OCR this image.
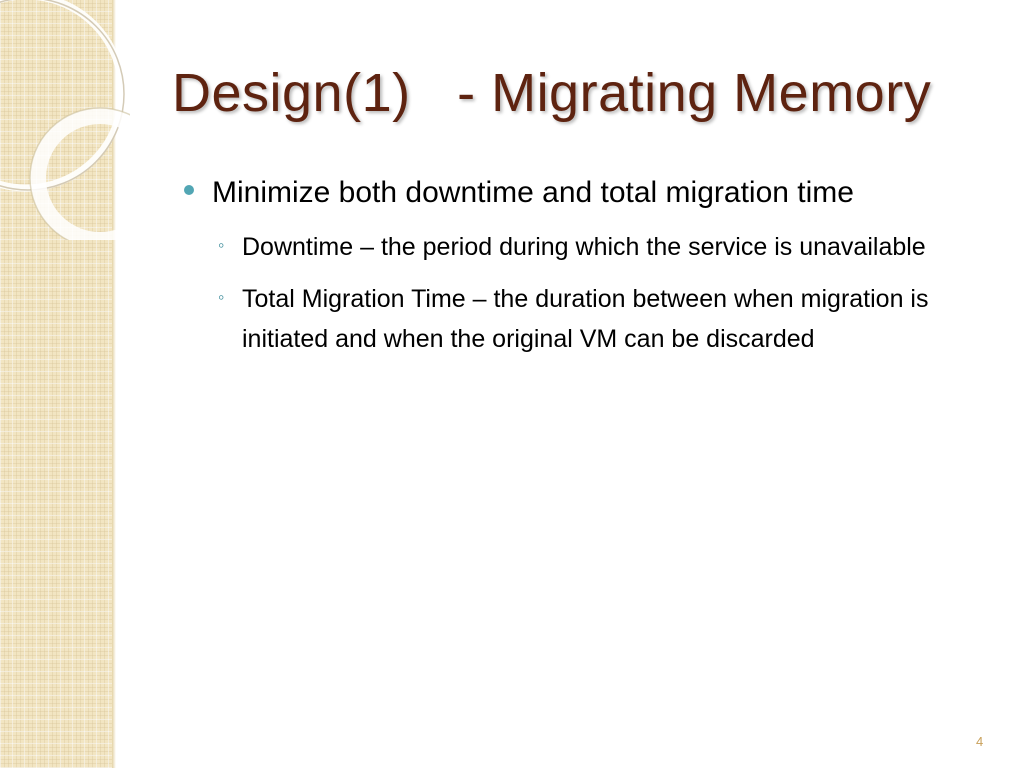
Design(1)   - Migrating Memory
Minimize both downtime and total migration time
◦ Downtime – the period during which the service is unavailable
◦ Total Migration Time – the duration between when migration is initiated and when the original VM can be discarded
4
